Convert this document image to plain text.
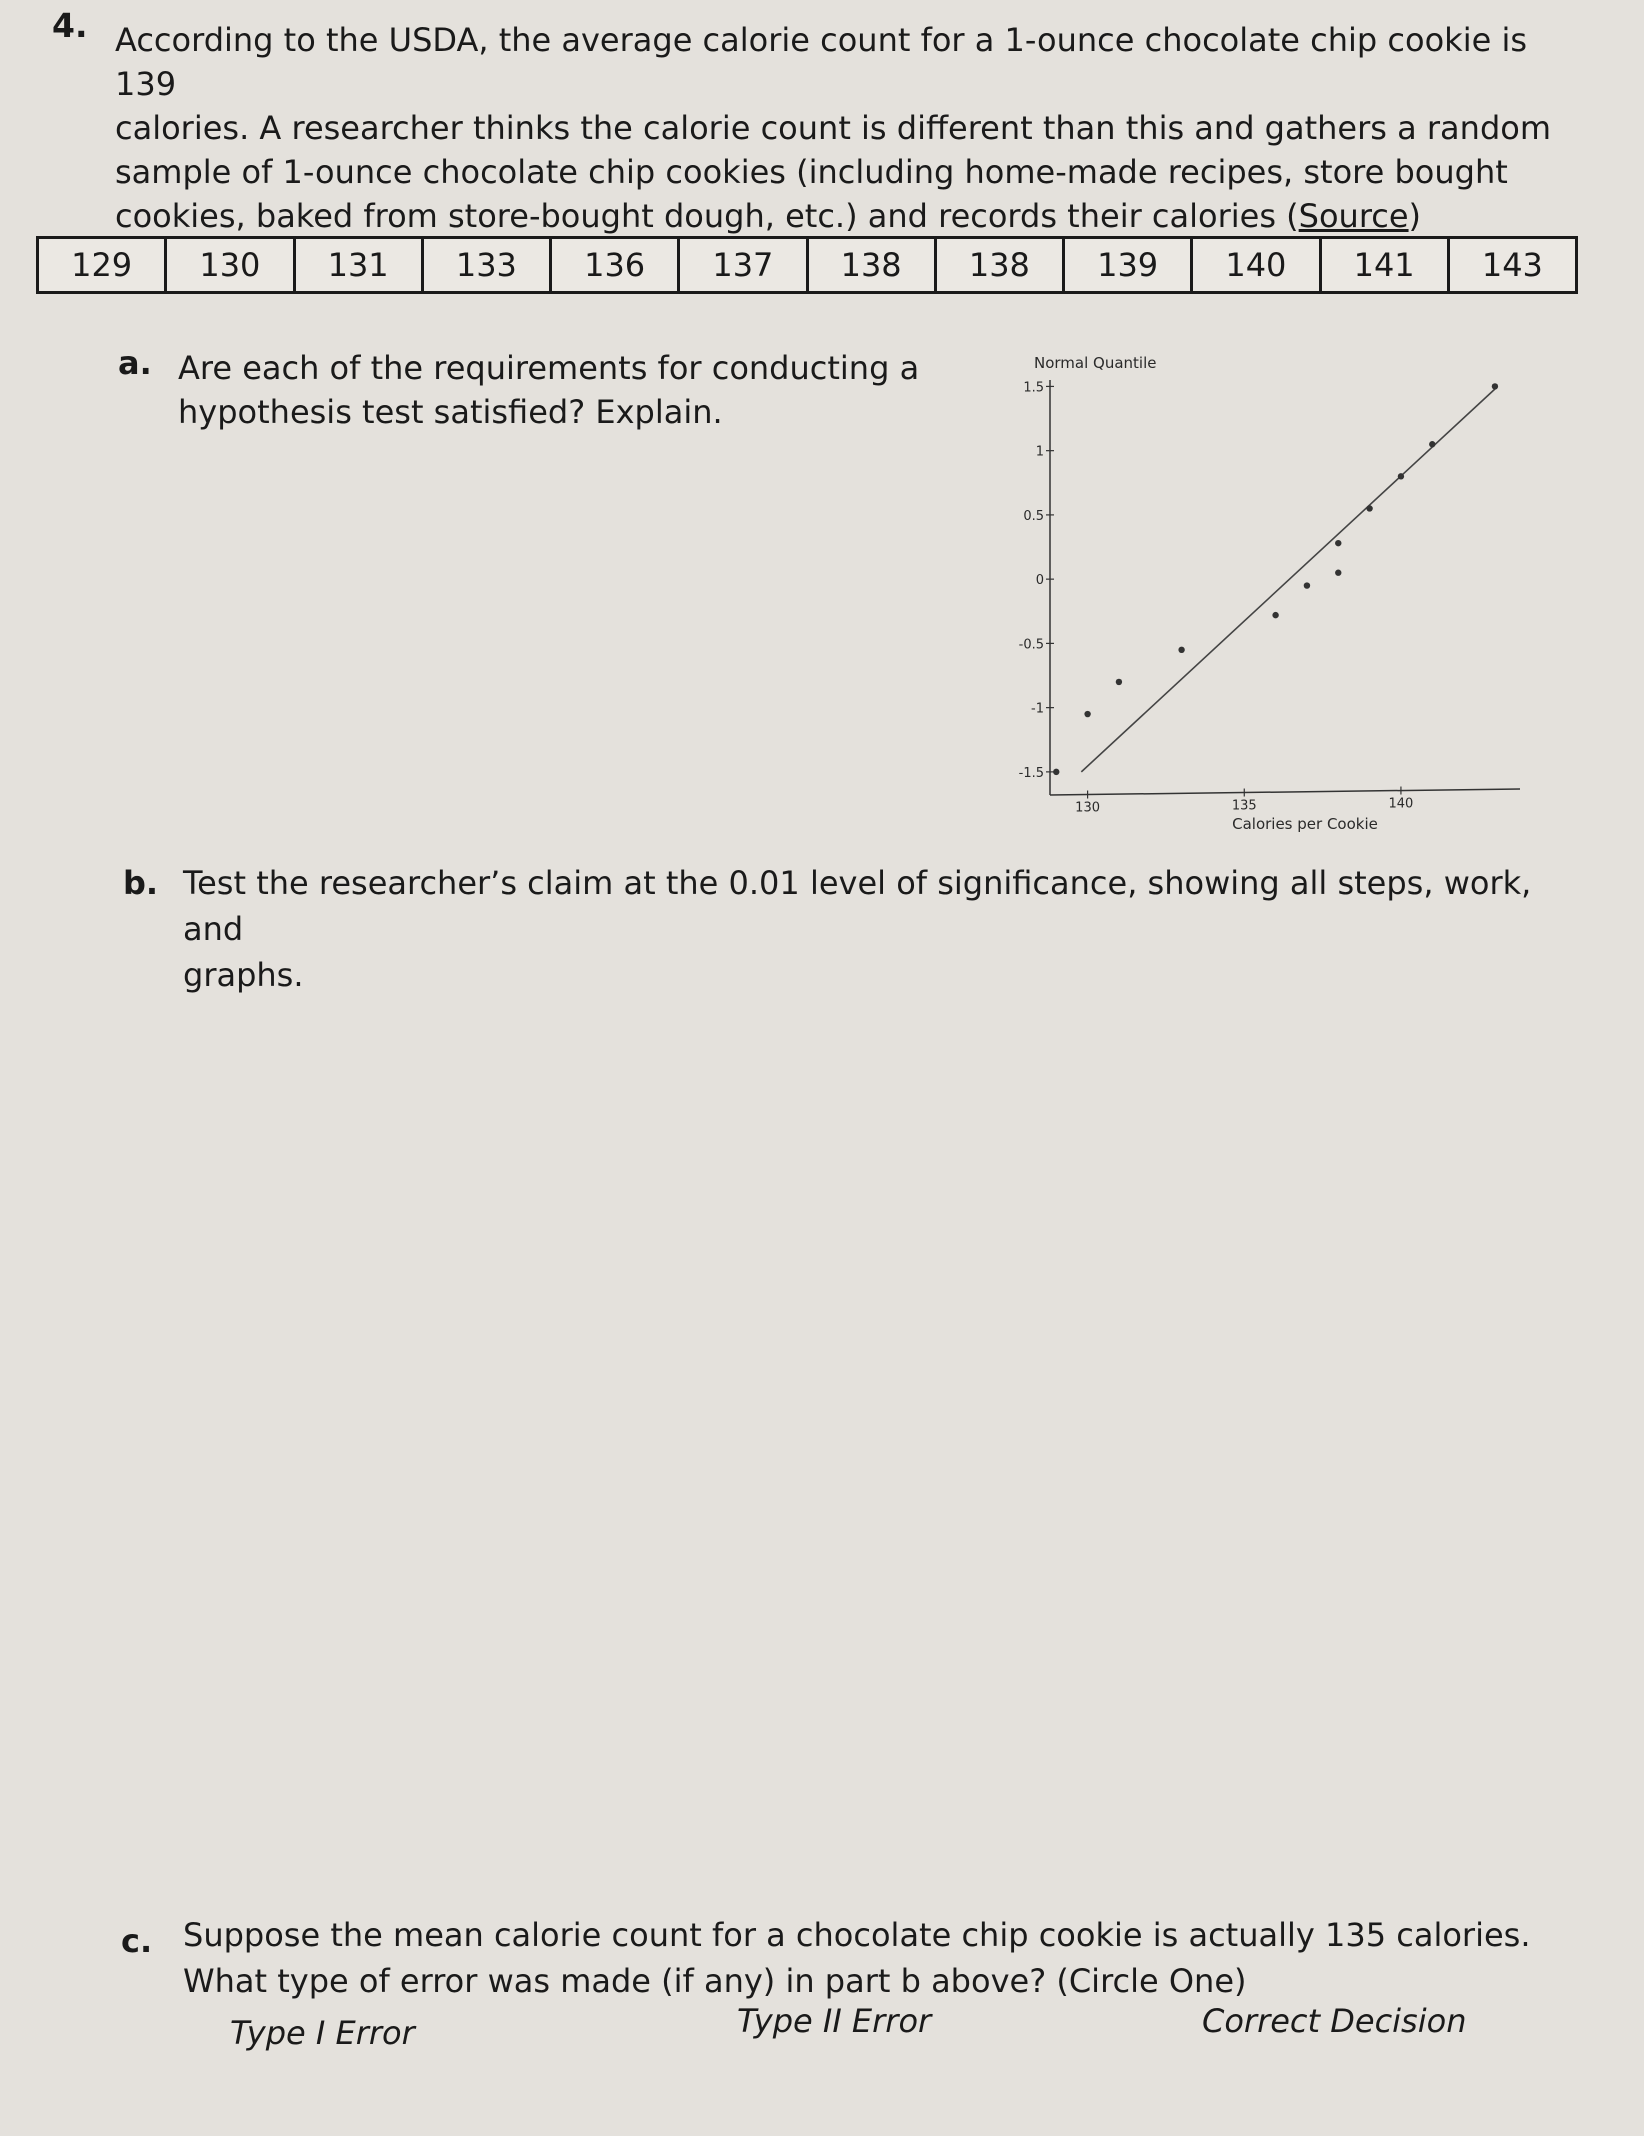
4. According to the USDA, the average calorie count for a 1-ounce chocolate chip cookie is 139

calories. A researcher thinks the calorie count is different than this and gathers a random

sample of 1-ounce chocolate chip cookies (including home-made recipes, store bought

cookies, baked from store-bought dough, etc.) and records their calories (Source)

129	130	131	133	136	137	138	138	139	140	141	143
a. Are each of the requirements for conducting a
hypothesis test satisfied? Explain.
1.5
1
0.5
0
-0.5
-1
-1.5
130	135	140
Normal Quantile
Calories per Cookie
b. Test the researcher’s claim at the 0.01 level of significance, showing all steps, work, and
graphs.
c. Suppose the mean calorie count for a chocolate chip cookie is actually 135 calories.
What type of error was made (if any) in part b above? (Circle One)
Type I Error	Type II Error	Correct Decision
